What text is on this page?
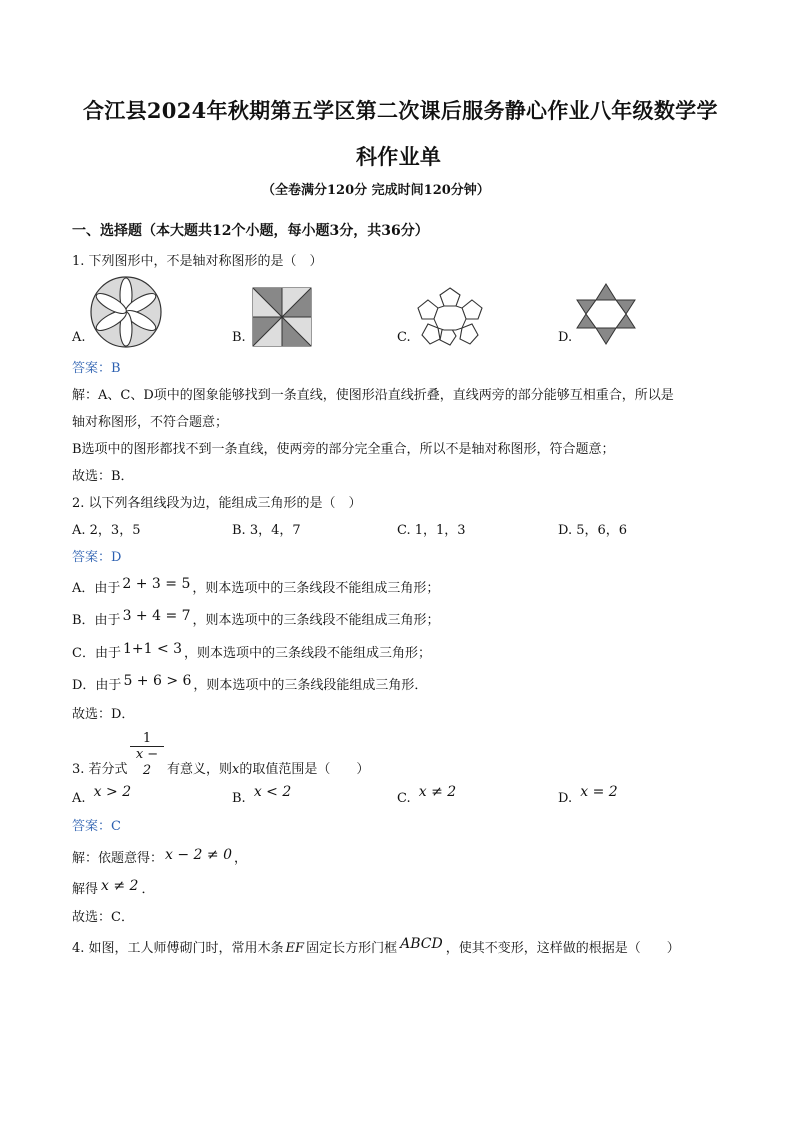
合江县2024年秋期第五学区第二次课后服务静心作业八年级数学学
科作业单
（全卷满分120分 完成时间120分钟）
一、选择题（本大题共12个小题，每小题3分，共36分）
1. 下列图形中，不是轴对称图形的是（　）
A.	B.	C.	D.
答案：B
解：A、C、D项中的图象能够找到一条直线，使图形沿直线折叠，直线两旁的部分能够互相重合，所以是
轴对称图形，不符合题意；
B选项中的图形都找不到一条直线，使两旁的部分完全重合，所以不是轴对称图形，符合题意；
故选：B．
2. 以下列各组线段为边，能组成三角形的是（　）
A. 2，3，5	B. 3，4，7	C. 1，1，3	D. 5，6，6
答案：D
A．由于 2 + 3 = 5 ，则本选项中的三条线段不能组成三角形；
B．由于 3 + 4 = 7 ，则本选项中的三条线段不能组成三角形；
C．由于 1+1 < 3 ，则本选项中的三条线段不能组成三角形；
D．由于 5 + 6 > 6 ，则本选项中的三条线段能组成三角形．
故选：D．
$\frac{1}{x - 2}$
3. 若分式	有意义，则x的取值范围是（　　）
A. x > 2	B. x < 2	C. x ≠ 2	D. x = 2
答案：C
解：依题意得： x − 2 ≠ 0 ，
解得 x ≠ 2 ．
故选：C．
4. 如图，工人师傅砌门时，常用木条 EF 固定长方形门框 ABCD ，使其不变形，这样做的根据是（　　）
